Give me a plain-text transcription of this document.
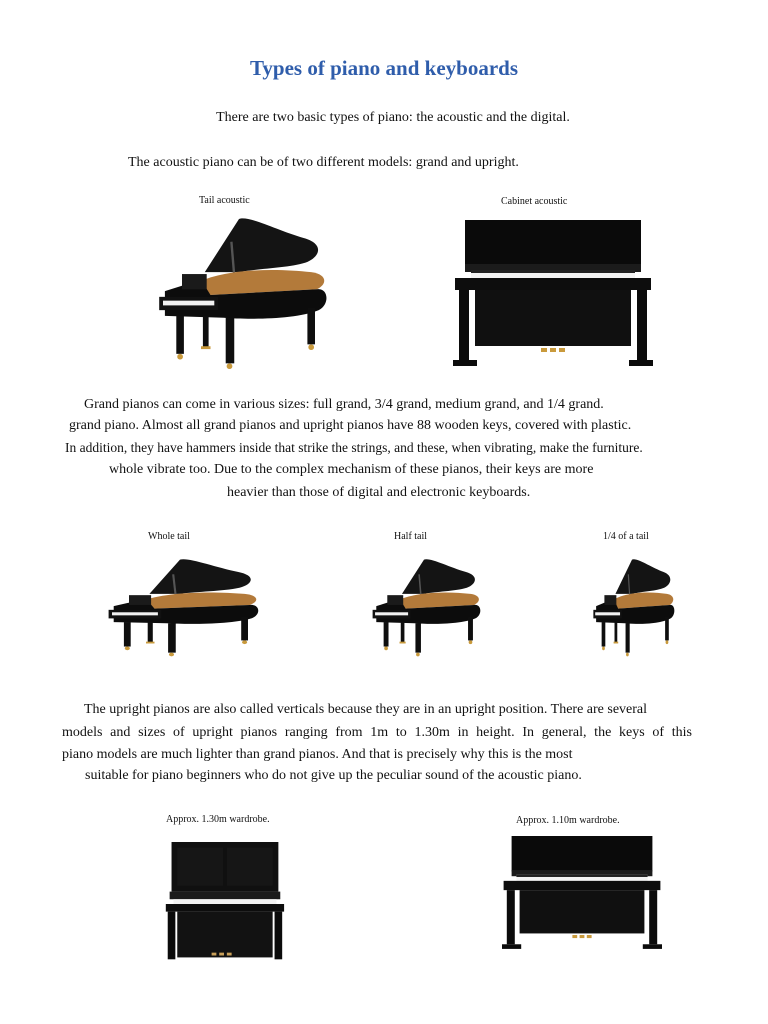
Types of piano and keyboards
There are two basic types of piano: the acoustic and the digital.
The acoustic piano can be of two different models: grand and upright.
Tail acoustic	Cabinet acoustic
Grand pianos can come in various sizes: full grand, 3/4 grand, medium grand, and 1/4 grand.
grand piano. Almost all grand pianos and upright pianos have 88 wooden keys, covered with plastic.
In addition, they have hammers inside that strike the strings, and these, when vibrating, make the furniture.
whole vibrate too. Due to the complex mechanism of these pianos, their keys are more
heavier than those of digital and electronic keyboards.
Whole tail	Half tail	1/4 of a tail
The upright pianos are also called verticals because they are in an upright position. There are several
models and sizes of upright pianos ranging from 1m to 1.30m in height. In general, the keys of this
piano models are much lighter than grand pianos. And that is precisely why this is the most
suitable for piano beginners who do not give up the peculiar sound of the acoustic piano.
Approx. 1.30m wardrobe.	Approx. 1.10m wardrobe.
